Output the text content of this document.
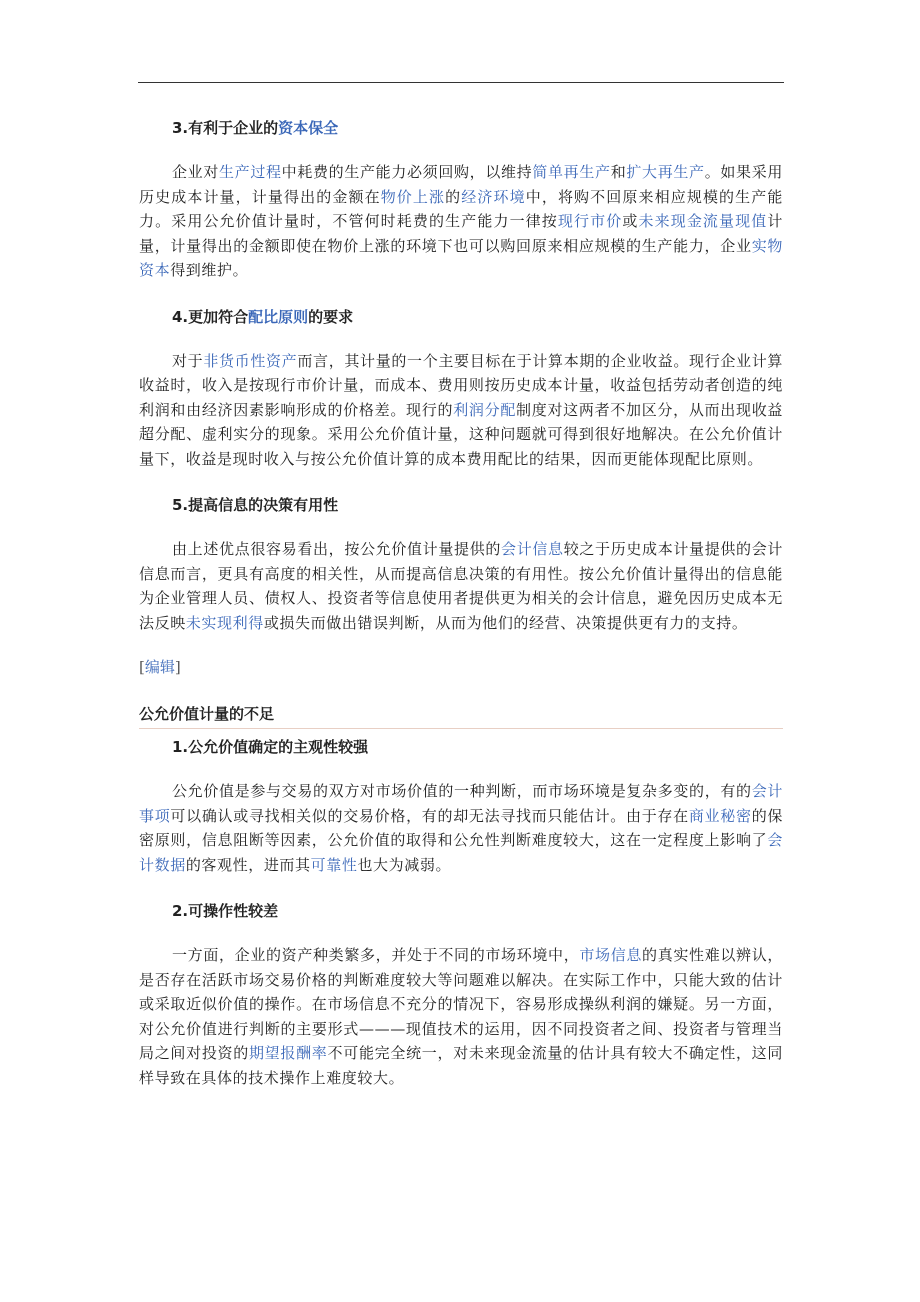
3.有利于企业的资本保全
企业对生产过程中耗费的生产能力必须回购，以维持简单再生产和扩大再生产。如果采用历史成本计量，计量得出的金额在物价上涨的经济环境中，将购不回原来相应规模的生产能力。采用公允价值计量时，不管何时耗费的生产能力一律按现行市价或未来现金流量现值计量，计量得出的金额即使在物价上涨的环境下也可以购回原来相应规模的生产能力，企业实物资本得到维护。
4.更加符合配比原则的要求
对于非货币性资产而言，其计量的一个主要目标在于计算本期的企业收益。现行企业计算收益时，收入是按现行市价计量，而成本、费用则按历史成本计量，收益包括劳动者创造的纯利润和由经济因素影响形成的价格差。现行的利润分配制度对这两者不加区分，从而出现收益超分配、虚利实分的现象。采用公允价值计量，这种问题就可得到很好地解决。在公允价值计量下，收益是现时收入与按公允价值计算的成本费用配比的结果，因而更能体现配比原则。
5.提高信息的决策有用性
由上述优点很容易看出，按公允价值计量提供的会计信息较之于历史成本计量提供的会计信息而言，更具有高度的相关性，从而提高信息决策的有用性。按公允价值计量得出的信息能为企业管理人员、债权人、投资者等信息使用者提供更为相关的会计信息，避免因历史成本无法反映未实现利得或损失而做出错误判断，从而为他们的经营、决策提供更有力的支持。
[编辑]
公允价值计量的不足
1.公允价值确定的主观性较强
公允价值是参与交易的双方对市场价值的一种判断，而市场环境是复杂多变的，有的会计事项可以确认或寻找相关似的交易价格，有的却无法寻找而只能估计。由于存在商业秘密的保密原则，信息阻断等因素，公允价值的取得和公允性判断难度较大，这在一定程度上影响了会计数据的客观性，进而其可靠性也大为减弱。
2.可操作性较差
一方面，企业的资产种类繁多，并处于不同的市场环境中，市场信息的真实性难以辨认，是否存在活跃市场交易价格的判断难度较大等问题难以解决。在实际工作中，只能大致的估计或采取近似价值的操作。在市场信息不充分的情况下，容易形成操纵利润的嫌疑。另一方面，对公允价值进行判断的主要形式———现值技术的运用，因不同投资者之间、投资者与管理当局之间对投资的期望报酬率不可能完全统一，对未来现金流量的估计具有较大不确定性，这同样导致在具体的技术操作上难度较大。
